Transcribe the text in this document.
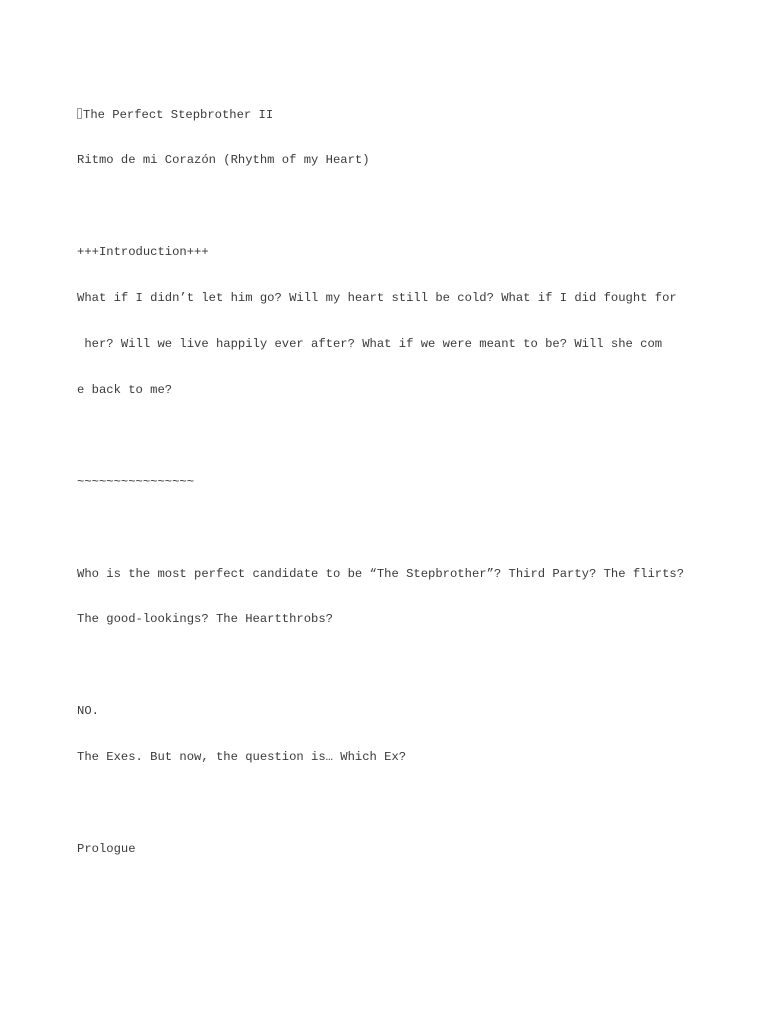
The Perfect Stepbrother II

Ritmo de mi Corazón (Rhythm of my Heart)

+++Introduction+++

What if I didn’t let him go? Will my heart still be cold? What if I did fought for

her? Will we live happily ever after? What if we were meant to be? Will she com

e back to me?

~~~~~~~~~~~~~~~~

Who is the most perfect candidate to be “The Stepbrother”? Third Party? The flirts?

The good-lookings? The Heartthrobs?

NO.

The Exes. But now, the question is… Which Ex?

Prologue
